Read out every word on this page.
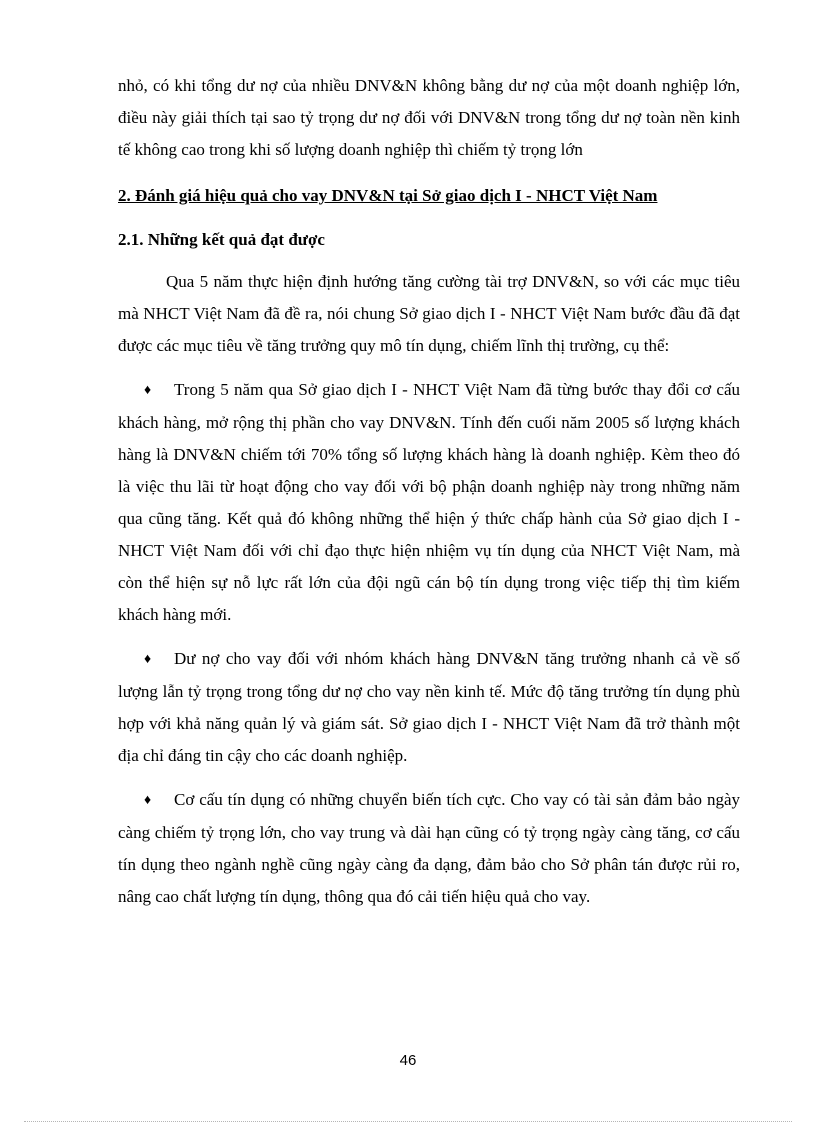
nhỏ, có khi tổng dư nợ của nhiều DNV&N không bằng dư nợ của một doanh nghiệp lớn, điều này giải thích tại sao tỷ trọng dư nợ đối với DNV&N trong tổng dư nợ toàn nền kinh tế không cao trong khi số lượng doanh nghiệp thì chiếm tỷ trọng lớn

2. Đánh giá hiệu quả cho vay DNV&N tại Sở giao dịch I - NHCT Việt Nam
2.1. Những kết quả đạt được

Qua 5 năm thực hiện định hướng tăng cường tài trợ DNV&N, so với các mục tiêu mà NHCT Việt Nam đã đề ra, nói chung Sở giao dịch I - NHCT Việt Nam bước đầu đã đạt được các mục tiêu về tăng trưởng quy mô tín dụng, chiếm lĩnh thị trường, cụ thể:

♦ Trong 5 năm qua Sở giao dịch I - NHCT Việt Nam đã từng bước thay đổi cơ cấu khách hàng, mở rộng thị phần cho vay DNV&N. Tính đến cuối năm 2005 số lượng khách hàng là DNV&N chiếm tới 70% tổng số lượng khách hàng là doanh nghiệp. Kèm theo đó là việc thu lãi từ hoạt động cho vay đối với bộ phận doanh nghiệp này trong những năm qua cũng tăng. Kết quả đó không những thể hiện ý thức chấp hành của Sở giao dịch I - NHCT Việt Nam đối với chỉ đạo thực hiện nhiệm vụ tín dụng của NHCT Việt Nam, mà còn thể hiện sự nỗ lực rất lớn của đội ngũ cán bộ tín dụng trong việc tiếp thị tìm kiếm khách hàng mới.

♦ Dư nợ cho vay đối với nhóm khách hàng DNV&N tăng trưởng nhanh cả về số lượng lẫn tỷ trọng trong tổng dư nợ cho vay nền kinh tế. Mức độ tăng trưởng tín dụng phù hợp với khả năng quản lý và giám sát. Sở giao dịch I - NHCT Việt Nam đã trở thành một địa chỉ đáng tin cậy cho các doanh nghiệp.

♦ Cơ cấu tín dụng có những chuyển biến tích cực. Cho vay có tài sản đảm bảo ngày càng chiếm tỷ trọng lớn, cho vay trung và dài hạn cũng có tỷ trọng ngày càng tăng, cơ cấu tín dụng theo ngành nghề cũng ngày càng đa dạng, đảm bảo cho Sở phân tán được rủi ro, nâng cao chất lượng tín dụng, thông qua đó cải tiến hiệu quả cho vay.

46
